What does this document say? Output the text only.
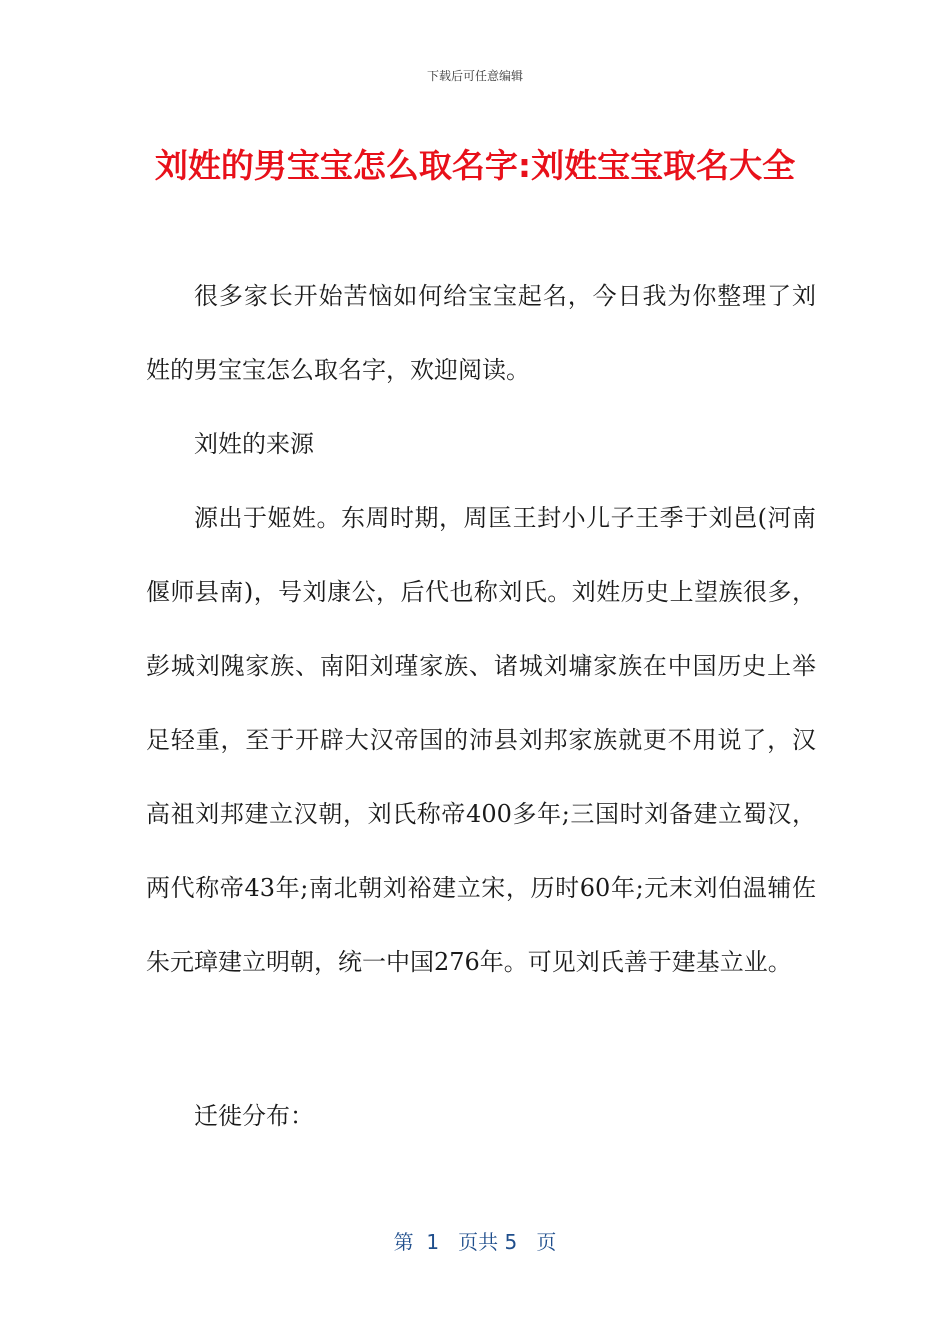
下载后可任意编辑
刘姓的男宝宝怎么取名字:刘姓宝宝取名大全

很多家长开始苦恼如何给宝宝起名，今日我为你整理了刘姓的男宝宝怎么取名字，欢迎阅读。

刘姓的来源

源出于姬姓。东周时期，周匡王封小儿子王季于刘邑(河南偃师县南)，号刘康公，后代也称刘氏。刘姓历史上望族很多，彭城刘隗家族、南阳刘瑾家族、诸城刘墉家族在中国历史上举足轻重，至于开辟大汉帝国的沛县刘邦家族就更不用说了，汉高祖刘邦建立汉朝，刘氏称帝400多年;三国时刘备建立蜀汉，两代称帝43年;南北朝刘裕建立宋，历时60年;元末刘伯温辅佐朱元璋建立明朝，统一中国276年。可见刘氏善于建基立业。

迁徙分布：

第  1   页共 5   页
